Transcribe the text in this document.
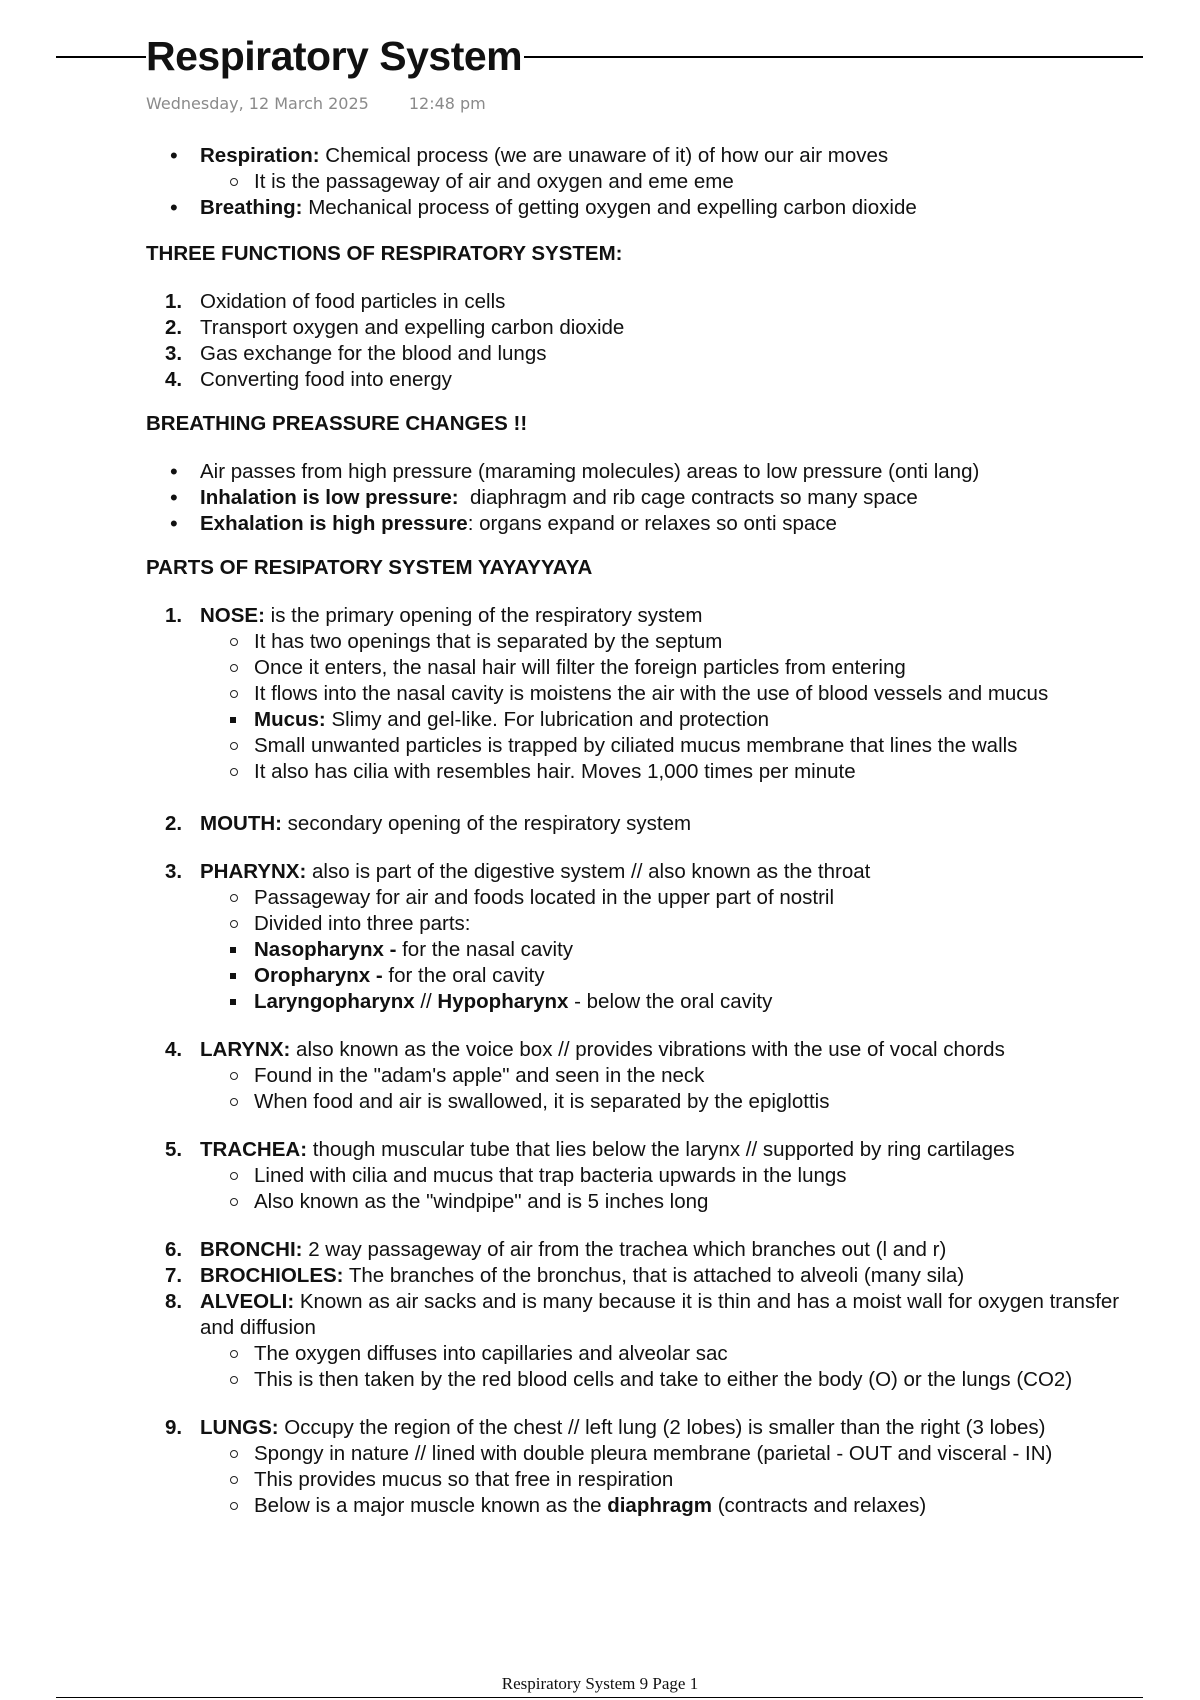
Respiratory System
Wednesday, 12 March 2025	12:48 pm
• Respiration: Chemical process (we are unaware of it) of how our air moves
It is the passageway of air and oxygen and eme eme
• Breathing: Mechanical process of getting oxygen and expelling carbon dioxide
THREE FUNCTIONS OF RESPIRATORY SYSTEM:
1. Oxidation of food particles in cells
2. Transport oxygen and expelling carbon dioxide
3. Gas exchange for the blood and lungs
4. Converting food into energy
BREATHING PREASSURE CHANGES !!
• Air passes from high pressure (maraming molecules) areas to low pressure (onti lang)
• Inhalation is low pressure:  diaphragm and rib cage contracts so many space
• Exhalation is high pressure: organs expand or relaxes so onti space
PARTS OF RESIPATORY SYSTEM YAYAYYAYA
1. NOSE: is the primary opening of the respiratory system
It has two openings that is separated by the septum
Once it enters, the nasal hair will filter the foreign particles from entering
It flows into the nasal cavity is moistens the air with the use of blood vessels and mucus
Mucus: Slimy and gel-like. For lubrication and protection
Small unwanted particles is trapped by ciliated mucus membrane that lines the walls
It also has cilia with resembles hair. Moves 1,000 times per minute
2. MOUTH: secondary opening of the respiratory system
3. PHARYNX: also is part of the digestive system // also known as the throat
Passageway for air and foods located in the upper part of nostril
Divided into three parts:
Nasopharynx - for the nasal cavity
Oropharynx - for the oral cavity
Laryngopharynx // Hypopharynx - below the oral cavity
4. LARYNX: also known as the voice box // provides vibrations with the use of vocal chords
Found in the "adam's apple" and seen in the neck
When food and air is swallowed, it is separated by the epiglottis
5. TRACHEA: though muscular tube that lies below the larynx // supported by ring cartilages
Lined with cilia and mucus that trap bacteria upwards in the lungs
Also known as the "windpipe" and is 5 inches long
6. BRONCHI: 2 way passageway of air from the trachea which branches out (l and r)
7. BROCHIOLES: The branches of the bronchus, that is attached to alveoli (many sila)
8. ALVEOLI: Known as air sacks and is many because it is thin and has a moist wall for oxygen transfer and diffusion
The oxygen diffuses into capillaries and alveolar sac
This is then taken by the red blood cells and take to either the body (O) or the lungs (CO2)
9. LUNGS: Occupy the region of the chest // left lung (2 lobes) is smaller than the right (3 lobes)
Spongy in nature // lined with double pleura membrane (parietal - OUT and visceral - IN)
This provides mucus so that free in respiration
Below is a major muscle known as the diaphragm (contracts and relaxes)
Respiratory System 9 Page 1
